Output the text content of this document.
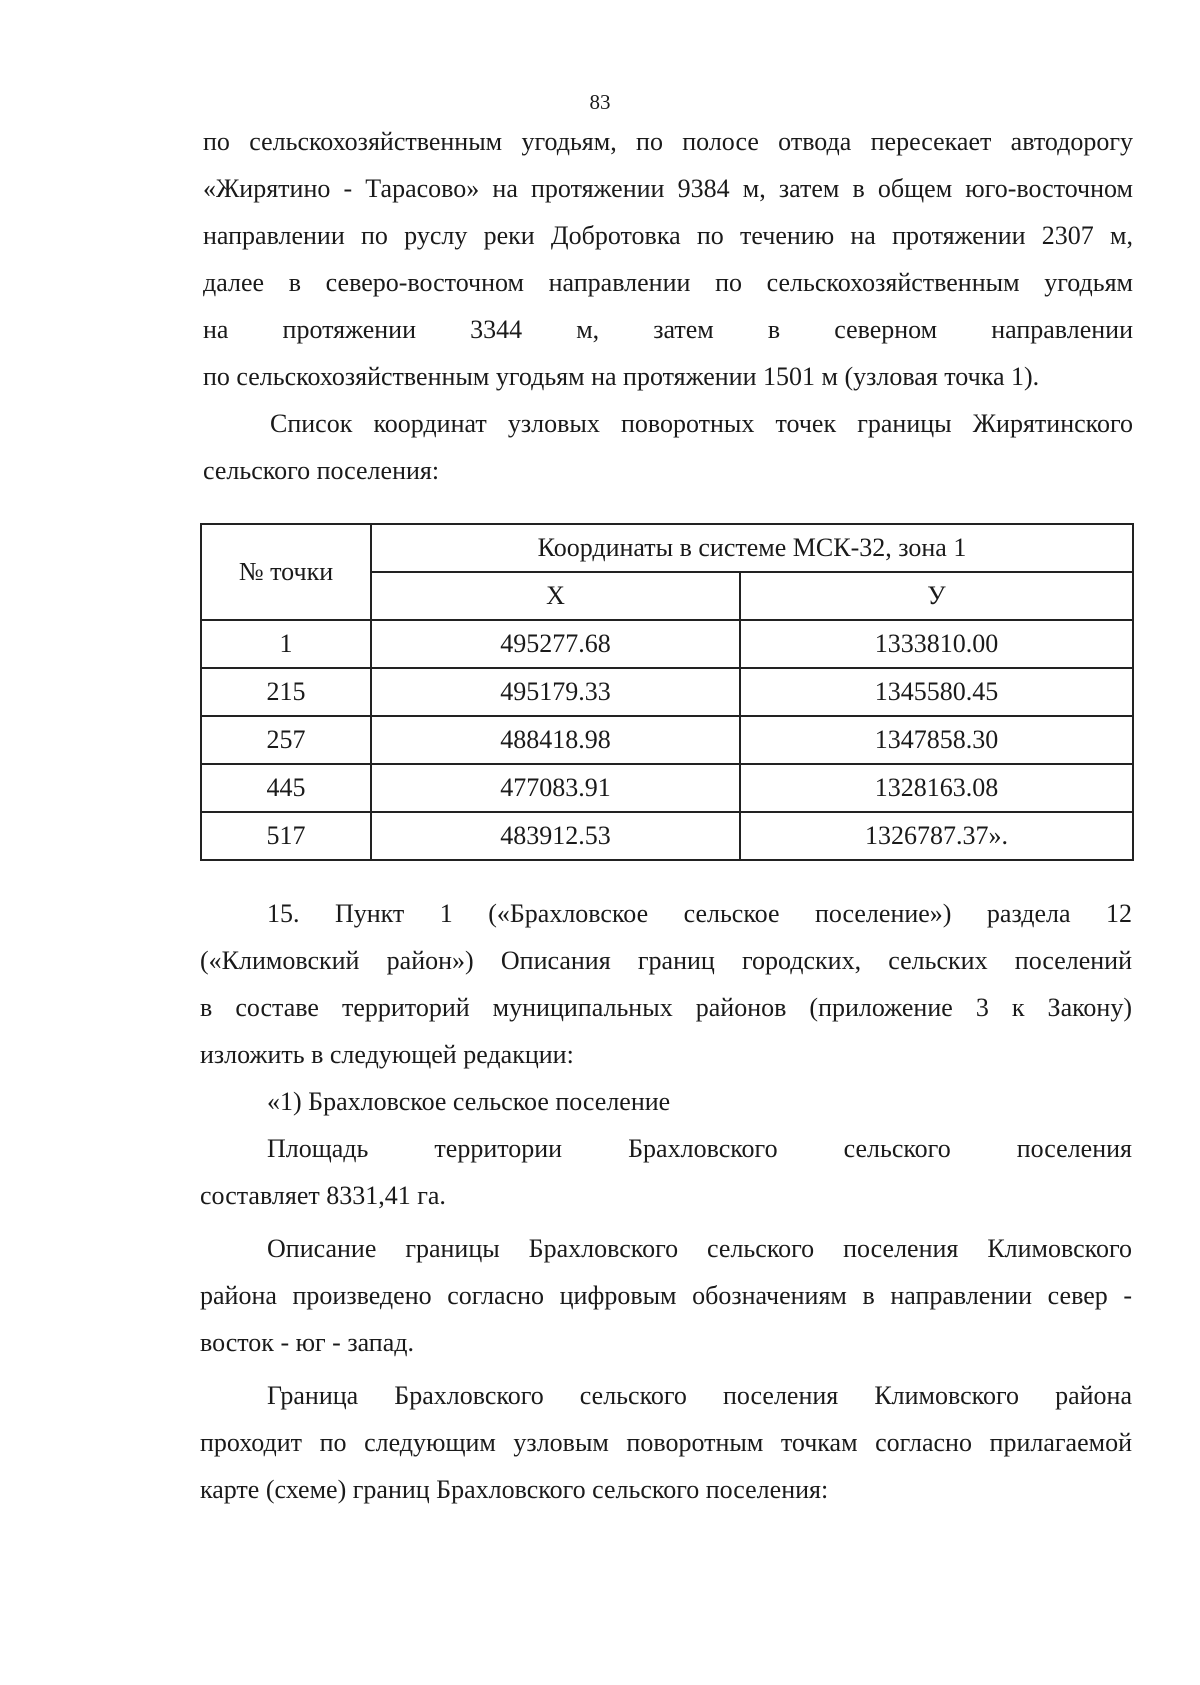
83

по сельскохозяйственным угодьям, по полосе отвода пересекает автодорогу

«Жирятино - Тарасово» на протяжении 9384 м, затем в общем юго-восточном

направлении по руслу реки Добротовка по течению на протяжении 2307 м,

далее в северо-восточном направлении по сельскохозяйственным угодьям

на протяжении 3344 м, затем в северном направлении

по сельскохозяйственным угодьям на протяжении 1501 м (узловая точка 1).

Список координат узловых поворотных точек границы Жирятинского

сельского поселения:

№ точки	Координаты в системе МСК-32, зона 1	
	Х	У
1	495277.68	1333810.00
215	495179.33	1345580.45
257	488418.98	1347858.30
445	477083.91	1328163.08
517	483912.53	1326787.37».

15. Пункт 1 («Брахловское сельское поселение») раздела 12

(«Климовский район») Описания границ городских, сельских поселений

в составе территорий муниципальных районов (приложение 3 к Закону)

изложить в следующей редакции:

«1) Брахловское сельское поселение

Площадь территории Брахловского сельского поселения

составляет 8331,41 га.

Описание границы Брахловского сельского поселения Климовского

района произведено согласно цифровым обозначениям в направлении север -

восток - юг - запад.

Граница Брахловского сельского поселения Климовского района

проходит по следующим узловым поворотным точкам согласно прилагаемой

карте (схеме) границ Брахловского сельского поселения:
